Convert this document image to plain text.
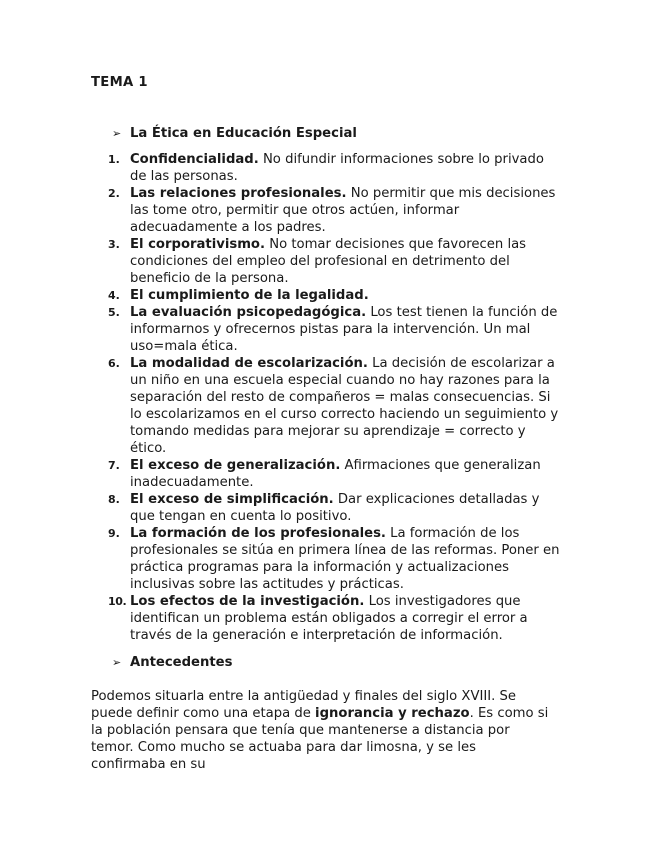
TEMA 1
➢ La Ética en Educación Especial
1. Confidencialidad. No difundir informaciones sobre lo privado de las personas.
2. Las relaciones profesionales. No permitir que mis decisiones las tome otro, permitir que otros actúen, informar adecuadamente a los padres.
3. El corporativismo. No tomar decisiones que favorecen las condiciones del empleo del profesional en detrimento del beneficio de la persona.
4. El cumplimiento de la legalidad.
5. La evaluación psicopedagógica. Los test tienen la función de informarnos y ofrecernos pistas para la intervención. Un mal uso=mala ética.
6. La modalidad de escolarización. La decisión de escolarizar a un niño en una escuela especial cuando no hay razones para la separación del resto de compañeros = malas consecuencias. Si lo escolarizamos en el curso correcto haciendo un seguimiento y tomando medidas para mejorar su aprendizaje = correcto y ético.
7. El exceso de generalización. Afirmaciones que generalizan inadecuadamente.
8. El exceso de simplificación. Dar explicaciones detalladas y que tengan en cuenta lo positivo.
9. La formación de los profesionales. La formación de los profesionales se sitúa en primera línea de las reformas. Poner en práctica programas para la información y actualizaciones inclusivas sobre las actitudes y prácticas.
10. Los efectos de la investigación. Los investigadores que identifican un problema están obligados a corregir el error a través de la generación e interpretación de información.
➢ Antecedentes

Podemos situarla entre la antigüedad y finales del siglo XVIII. Se puede definir como una etapa de ignorancia y rechazo. Es como si la población pensara que tenía que mantenerse a distancia por temor. Como mucho se actuaba para dar limosna, y se les confirmaba en su
